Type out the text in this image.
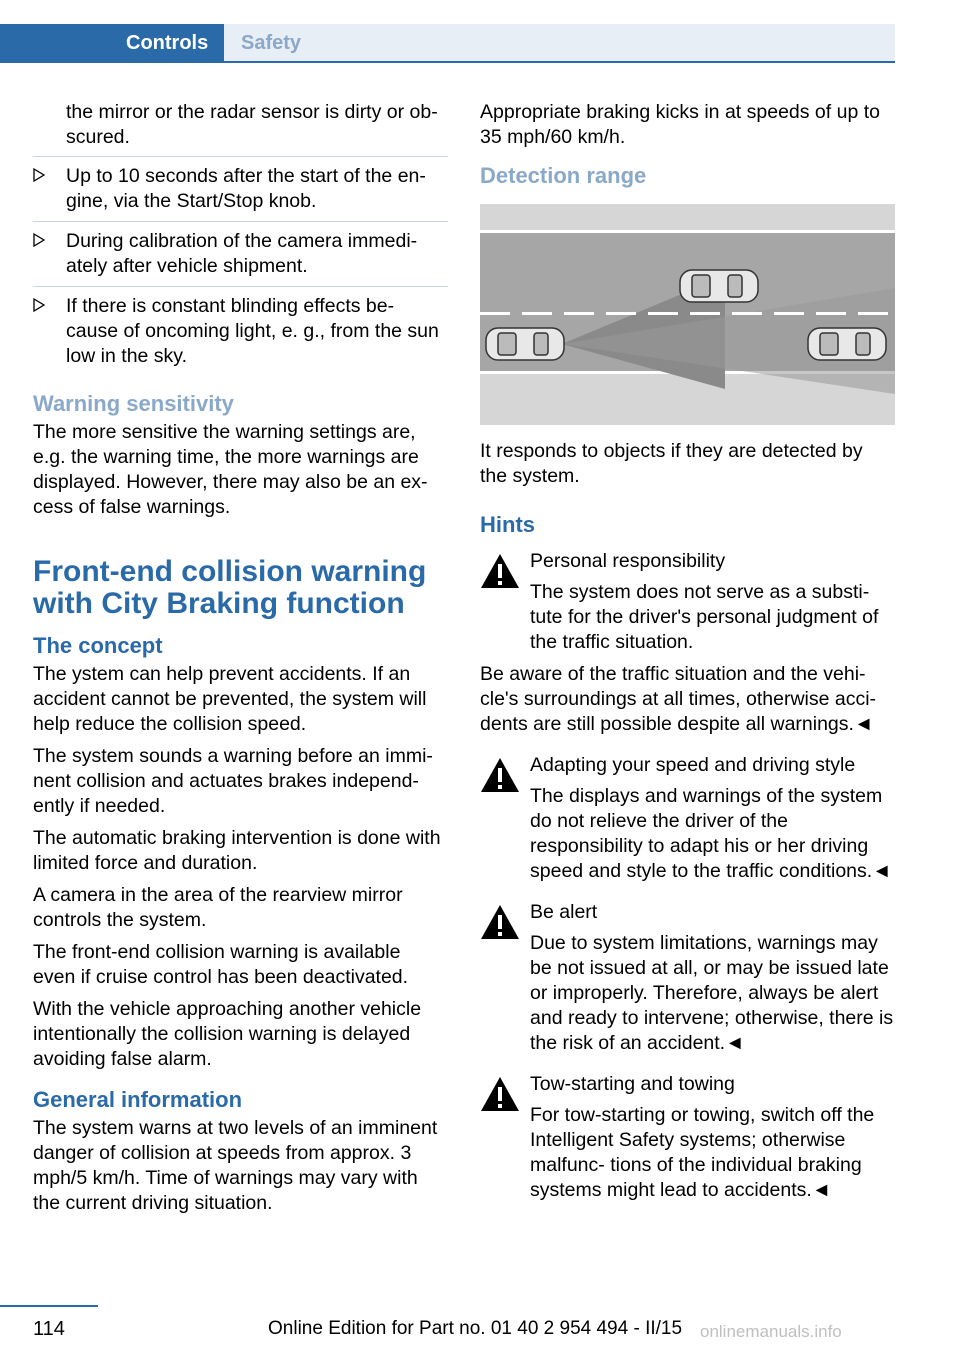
Controls	Safety

the mirror or the radar sensor is dirty or ob‐ scured.

Up to 10 seconds after the start of the en‐ gine, via the Start/Stop knob.
During calibration of the camera immedi‐ ately after vehicle shipment.
If there is constant blinding effects be‐ cause of oncoming light, e. g., from the sun low in the sky.
Warning sensitivity

The more sensitive the warning settings are, e.g. the warning time, the more warnings are displayed. However, there may also be an ex‐ cess of false warnings.

Front-end collision warning with City Braking function
The concept

The ystem can help prevent accidents. If an accident cannot be prevented, the system will help reduce the collision speed.

The system sounds a warning before an immi‐ nent collision and actuates brakes independ‐ ently if needed.

The automatic braking intervention is done with limited force and duration.

A camera in the area of the rearview mirror controls the system.

The front-end collision warning is available even if cruise control has been deactivated.

With the vehicle approaching another vehicle intentionally the collision warning is delayed avoiding false alarm.

General information

The system warns at two levels of an imminent danger of collision at speeds from approx. 3 mph/5 km/h. Time of warnings may vary with the current driving situation.

Appropriate braking kicks in at speeds of up to 35 mph/60 km/h.

Detection range

It responds to objects if they are detected by the system.

Hints

Personal responsibility

The system does not serve as a substi‐ tute for the driver's personal judgment of the traffic situation.

Be aware of the traffic situation and the vehi‐ cle's surroundings at all times, otherwise acci‐ dents are still possible despite all warnings.◄

Adapting your speed and driving style

The displays and warnings of the system do not relieve the driver of the responsibility to adapt his or her driving speed and style to the traffic conditions.◄

Be alert

Due to system limitations, warnings may be not issued at all, or may be issued late or improperly. Therefore, always be alert and ready to intervene; otherwise, there is the risk of an accident.◄

Tow-starting and towing

For tow-starting or towing, switch off the Intelligent Safety systems; otherwise malfunc‐ tions of the individual braking systems might lead to accidents.◄

114	Online Edition for Part no. 01 40 2 954 494 - II/15 onlinemanuals.info
